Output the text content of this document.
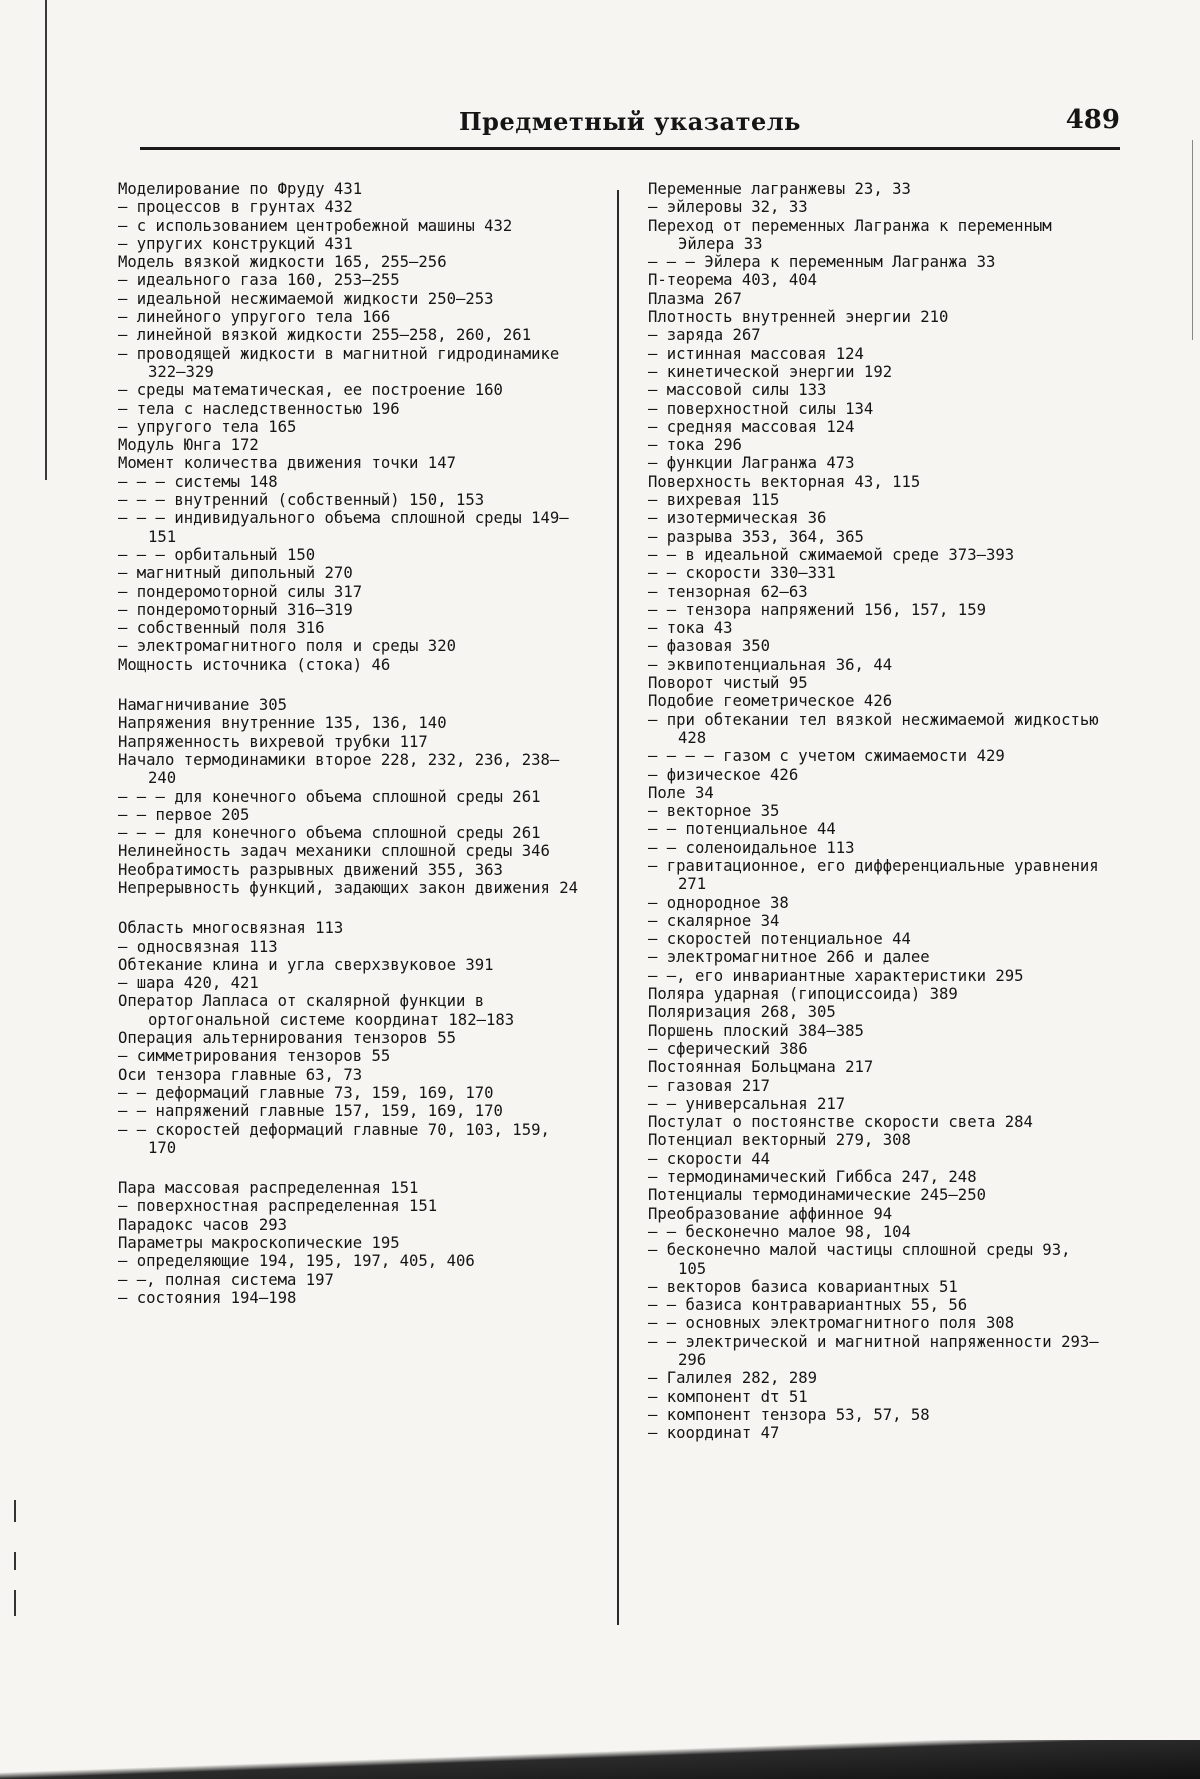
Предметный указатель	489
Моделирование по Фруду 431
— процессов в грунтах 432
— с использованием центробежной машины 432
— упругих конструкций 431
Модель вязкой жидкости 165, 255—256
— идеального газа 160, 253—255
— идеальной несжимаемой жидкости 250—253
— линейного упругого тела 166
— линейной вязкой жидкости 255—258, 260, 261
— проводящей жидкости в магнитной гидродинамике 322—329
— среды математическая, ее построение 160
— тела с наследственностью 196
— упругого тела 165
Модуль Юнга 172
Момент количества движения точки 147
— — — системы 148
— — — внутренний (собственный) 150, 153
— — — индивидуального объема сплошной среды 149—151
— — — орбитальный 150
— магнитный дипольный 270
— пондеромоторной силы 317
— пондеромоторный 316—319
— собственный поля 316
— электромагнитного поля и среды 320
Мощность источника (стока) 46
Намагничивание 305
Напряжения внутренние 135, 136, 140
Напряженность вихревой трубки 117
Начало термодинамики второе 228, 232, 236, 238—240
— — — для конечного объема сплошной среды 261
— — первое 205
— — — для конечного объема сплошной среды 261
Нелинейность задач механики сплошной среды 346
Необратимость разрывных движений 355, 363
Непрерывность функций, задающих закон движения 24
Область многосвязная 113
— односвязная 113
Обтекание клина и угла сверхзвуковое 391
— шара 420, 421
Оператор Лапласа от скалярной функции в ортогональной системе координат 182—183
Операция альтернирования тензоров 55
— симметрирования тензоров 55
Оси тензора главные 63, 73
— — деформаций главные 73, 159, 169, 170
— — напряжений главные 157, 159, 169, 170
— — скоростей деформаций главные 70, 103, 159, 170
Пара массовая распределенная 151
— поверхностная распределенная 151
Парадокс часов 293
Параметры макроскопические 195
— определяющие 194, 195, 197, 405, 406
— —, полная система 197
— состояния 194—198
Переменные лагранжевы 23, 33
— эйлеровы 32, 33
Переход от переменных Лагранжа к переменным Эйлера 33
— — — Эйлера к переменным Лагранжа 33
П-теорема 403, 404
Плазма 267
Плотность внутренней энергии 210
— заряда 267
— истинная массовая 124
— кинетической энергии 192
— массовой силы 133
— поверхностной силы 134
— средняя массовая 124
— тока 296
— функции Лагранжа 473
Поверхность векторная 43, 115
— вихревая 115
— изотермическая 36
— разрыва 353, 364, 365
— — в идеальной сжимаемой среде 373—393
— — скорости 330—331
— тензорная 62—63
— — тензора напряжений 156, 157, 159
— тока 43
— фазовая 350
— эквипотенциальная 36, 44
Поворот чистый 95
Подобие геометрическое 426
— при обтекании тел вязкой несжимаемой жидкостью 428
— — — — газом с учетом сжимаемости 429
— физическое 426
Поле 34
— векторное 35
— — потенциальное 44
— — соленоидальное 113
— гравитационное, его дифференциальные уравнения 271
— однородное 38
— скалярное 34
— скоростей потенциальное 44
— электромагнитное 266 и далее
— —, его инвариантные характеристики 295
Поляра ударная (гипоциссоида) 389
Поляризация 268, 305
Поршень плоский 384—385
— сферический 386
Постоянная Больцмана 217
— газовая 217
— — универсальная 217
Постулат о постоянстве скорости света 284
Потенциал векторный 279, 308
— скорости 44
— термодинамический Гиббса 247, 248
Потенциалы термодинамические 245—250
Преобразование аффинное 94
— — бесконечно малое 98, 104
— бесконечно малой частицы сплошной среды 93, 105
— векторов базиса ковариантных 51
— — базиса контравариантных 55, 56
— — основных электромагнитного поля 308
— — электрической и магнитной напряженности 293—296
— Галилея 282, 289
— компонент dτ 51
— компонент тензора 53, 57, 58
— координат 47
